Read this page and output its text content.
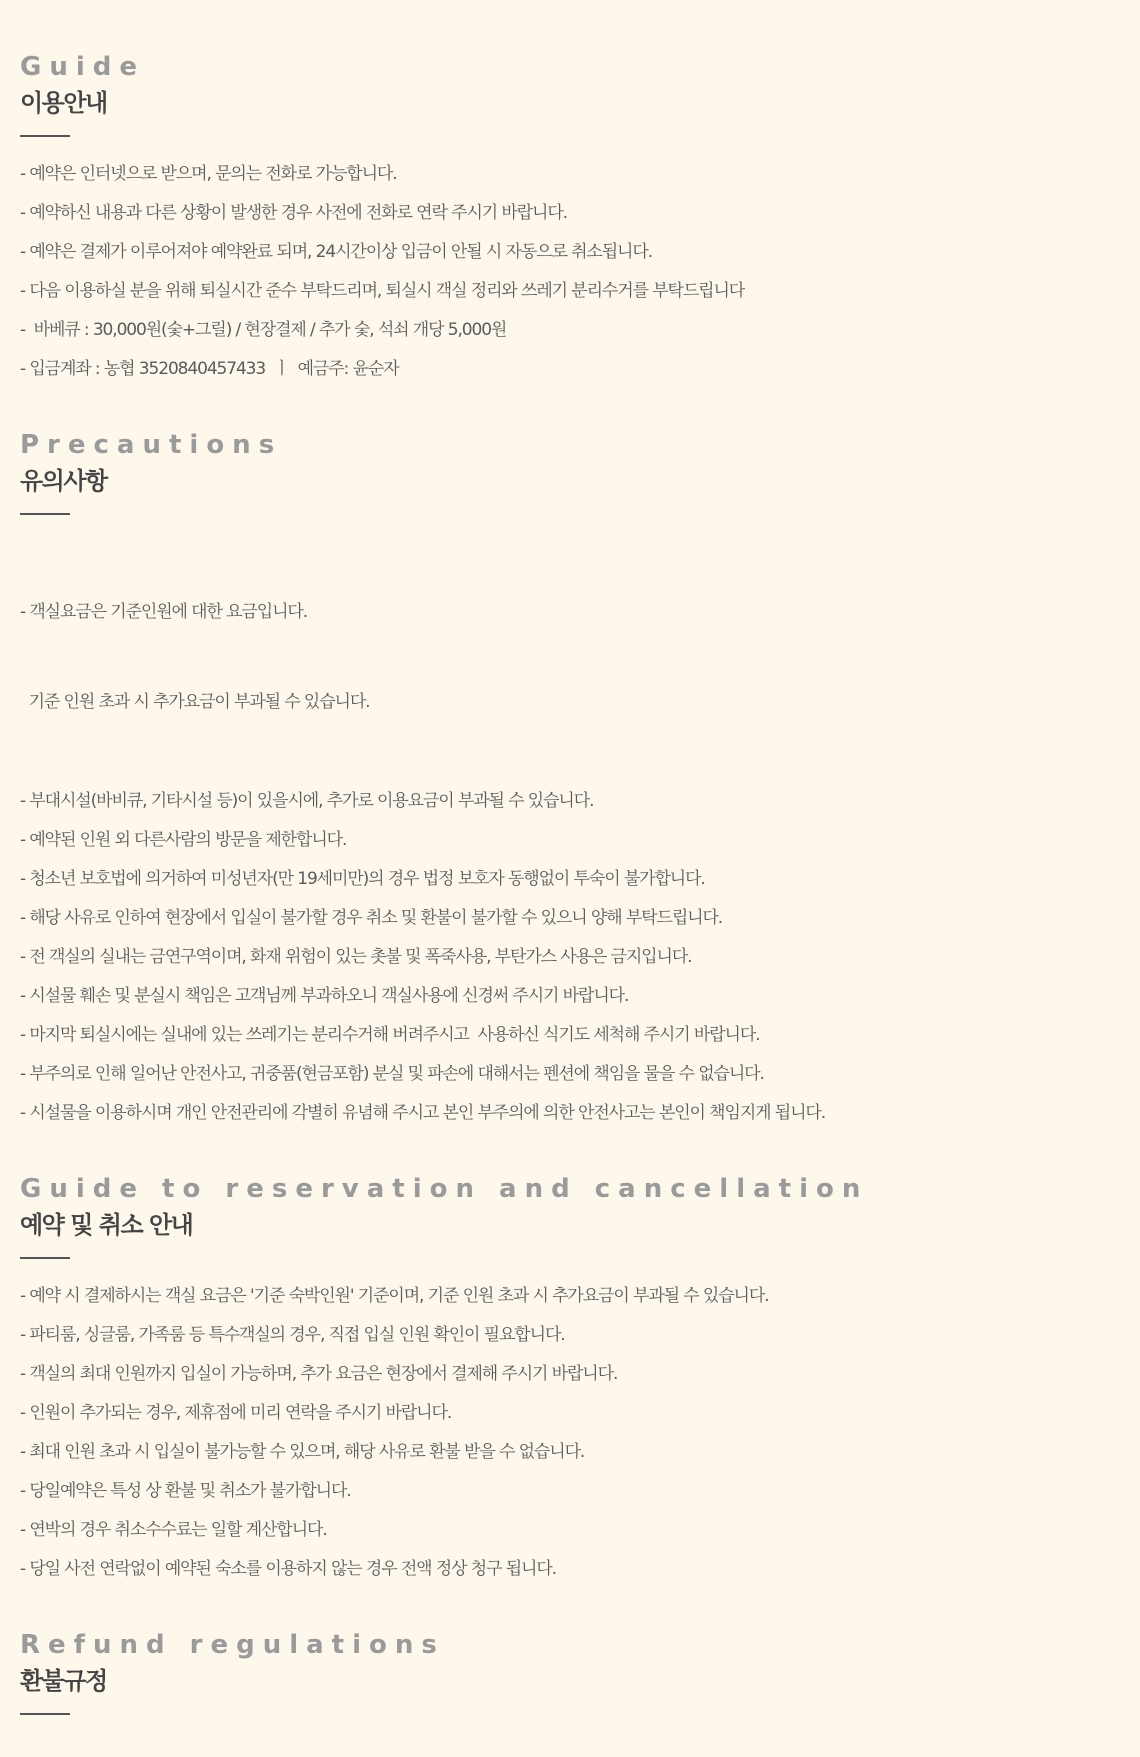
Guide
이용안내
- 예약은 인터넷으로 받으며, 문의는 전화로 가능합니다.
- 예약하신 내용과 다른 상황이 발생한 경우 사전에 전화로 연락 주시기 바랍니다.
- 예약은 결제가 이루어져야 예약완료 되며, 24시간이상 입금이 안될 시 자동으로 취소됩니다.
- 다음 이용하실 분을 위해 퇴실시간 준수 부탁드리며, 퇴실시 객실 정리와 쓰레기 분리수거를 부탁드립니다
-  바베큐 : 30,000원(숯+그릴) / 현장결제 / 추가 숯, 석쇠 개당 5,000원
- 입금계좌 : 농협 3520840457433  ㅣ  예금주: 윤순자
Precautions
유의사항

- 객실요금은 기준인원에 대한 요금입니다.

기준 인원 초과 시 추가요금이 부과될 수 있습니다.

- 부대시설(바비큐, 기타시설 등)이 있을시에, 추가로 이용요금이 부과될 수 있습니다.
- 예약된 인원 외 다른사람의 방문을 제한합니다.
- 청소년 보호법에 의거하여 미성년자(만 19세미만)의 경우 법정 보호자 동행없이 투숙이 불가합니다.
- 해당 사유로 인하여 현장에서 입실이 불가할 경우 취소 및 환불이 불가할 수 있으니 양해 부탁드립니다.
- 전 객실의 실내는 금연구역이며, 화재 위험이 있는 촛불 및 폭죽사용, 부탄가스 사용은 금지입니다.
- 시설물 훼손 및 분실시 책임은 고객님께 부과하오니 객실사용에 신경써 주시기 바랍니다.
- 마지막 퇴실시에는 실내에 있는 쓰레기는 분리수거해 버려주시고  사용하신 식기도 세척해 주시기 바랍니다.
- 부주의로 인해 일어난 안전사고, 귀중품(현금포함) 분실 및 파손에 대해서는 펜션에 책임을 물을 수 없습니다.
- 시설물을 이용하시며 개인 안전관리에 각별히 유념해 주시고 본인 부주의에 의한 안전사고는 본인이 책임지게 됩니다.
Guide to reservation and cancellation
예약 및 취소 안내
- 예약 시 결제하시는 객실 요금은 '기준 숙박인원' 기준이며, 기준 인원 초과 시 추가요금이 부과될 수 있습니다.
- 파티룸, 싱글룸, 가족룸 등 특수객실의 경우, 직접 입실 인원 확인이 필요합니다.
- 객실의 최대 인원까지 입실이 가능하며, 추가 요금은 현장에서 결제해 주시기 바랍니다.
- 인원이 추가되는 경우, 제휴점에 미리 연락을 주시기 바랍니다.
- 최대 인원 초과 시 입실이 불가능할 수 있으며, 해당 사유로 환불 받을 수 없습니다.
- 당일예약은 특성 상 환불 및 취소가 불가합니다.
- 연박의 경우 취소수수료는 일할 계산합니다.
- 당일 사전 연락없이 예약된 숙소를 이용하지 않는 경우 전액 정상 청구 됩니다.
Refund regulations
환불규정
